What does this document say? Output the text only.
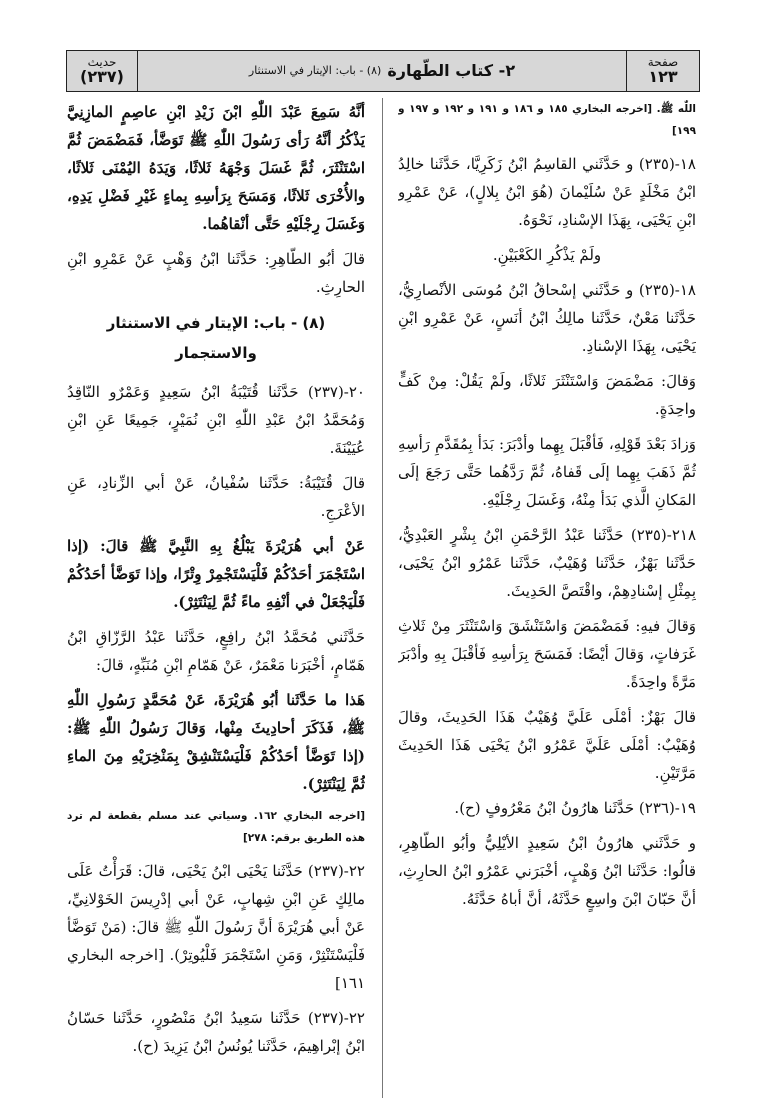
صفحة
١٢٣
٢- كتاب الطّهارة
(٨) - باب: الإيتار في الاستنثار
حديث
(٢٣٧)
اللّٰه ﷺ. [اخرجه البخاري ١٨٥ و ١٨٦ و ١٩١ و ١٩٢ و ١٩٧ و ١٩٩]
١٨-(٢٣٥) و حَدَّثَني القاسِمُ ابْنُ زَكَرِيَّا، حَدَّثَنا خالِدُ ابْنُ مَخْلَدٍ عَنْ سُلَيْمانَ (هُوَ ابْنُ بِلالٍ)، عَنْ عَمْرِو ابْنِ يَحْيَى، بِهَذَا الإسْنادِ، نَحْوَهُ.
ولَمْ يَذْكُرِ الكَعْبَيْنِ.
١٨-(٢٣٥) و حَدَّثَني إسْحاقُ ابْنُ مُوسَى الأنْصارِيُّ، حَدَّثَنا مَعْنٌ، حَدَّثَنا مالِكُ ابْنُ أنَسٍ، عَنْ عَمْرِو ابْنِ يَحْيَى، بِهَذَا الإسْنادِ.
وَقالَ: مَضْمَضَ وَاسْتَنْثَرَ ثَلاثًا، ولَمْ يَقُلْ: مِنْ كَفٍّ واحِدَةٍ.
وَزادَ بَعْدَ قَوْلِهِ، فَأقْبَلَ بِهِما وأدْبَرَ: بَدَأ بِمُقَدَّمِ رَأسِهِ ثُمَّ ذَهَبَ بِهِما إلَى قَفاهُ، ثُمَّ رَدَّهُما حَتَّى رَجَعَ إلَى المَكانِ الَّذي بَدَأ مِنْهُ، وَغَسَلَ رِجْلَيْهِ.
٢١٨-(٢٣٥) حَدَّثَنا عَبْدُ الرَّحْمَنِ ابْنُ بِشْرٍ العَبْدِيُّ، حَدَّثَنا بَهْزٌ، حَدَّثَنا وُهَيْبٌ، حَدَّثَنا عَمْرُو ابْنُ يَحْيَى، بِمِثْلِ إسْنادِهِمْ، واقْتَصَّ الحَدِيثَ.
وَقالَ فيهِ: فَمَضْمَضَ وَاسْتَنْشَقَ وَاسْتَنْثَرَ مِنْ ثَلاثِ غَرَفاتٍ، وَقالَ أيْضًا: فَمَسَحَ بِرَأسِهِ فَأقْبَلَ بِهِ وأدْبَرَ مَرَّةً واحِدَةً.
قالَ بَهْزٌ: أمْلَى عَلَيَّ وُهَيْبٌ هَذَا الحَدِيثَ، وقالَ وُهَيْبٌ: أمْلَى عَلَيَّ عَمْرُو ابْنُ يَحْيَى هَذَا الحَدِيثَ مَرَّتَيْنِ.
١٩-(٢٣٦) حَدَّثَنا هارُونُ ابْنُ مَعْرُوفٍ (ح).
و حَدَّثَني هارُونُ ابْنُ سَعِيدٍ الأيْلِيُّ وأبُو الطّاهِرِ، قالُوا: حَدَّثَنا ابْنُ وَهْبٍ، أخْبَرَني عَمْرُو ابْنُ الحارِثِ، أنَّ حَبّانَ ابْنَ واسِعٍ حَدَّثَهُ، أنَّ أباهُ حَدَّثَهُ.
أنَّهُ سَمِعَ عَبْدَ اللّٰهِ ابْنَ زَيْدِ ابْنِ عاصِمٍ المازِنِيَّ يَذْكُرُ أنَّهُ رَأى رَسُولَ اللّٰهِ ﷺ تَوَضَّأ، فَمَضْمَضَ ثُمَّ اسْتَنْثَرَ، ثُمَّ غَسَلَ وَجْهَهُ ثَلاثًا، وَيَدَهُ اليُمْنَى ثَلاثًا، والأُخْرَى ثَلاثًا، وَمَسَحَ بِرَأسِهِ بِماءٍ غَيْرِ فَضْلِ يَدِهِ، وَغَسَلَ رِجْلَيْهِ حَتَّى أنْقاهُما.
قالَ أبُو الطّاهِرِ: حَدَّثَنا ابْنُ وَهْبٍ عَنْ عَمْرِو ابْنِ الحارِثِ.
(٨) - باب: الإيتار في الاستنثار والاستجمار
٢٠-(٢٣٧) حَدَّثَنا قُتَيْبَةُ ابْنُ سَعِيدٍ وَعَمْرٌو النّاقِدُ وَمُحَمَّدُ ابْنُ عَبْدِ اللّٰهِ ابْنِ نُمَيْرٍ، جَمِيعًا عَنِ ابْنِ عُيَيْنَةَ.
قالَ قُتَيْبَةُ: حَدَّثَنا سُفْيانُ، عَنْ أبي الزِّنادِ، عَنِ الأعْرَجِ.
عَنْ أبي هُرَيْرَةَ يَبْلُغُ بِهِ النَّبِيَّ ﷺ قالَ: (إذا اسْتَجْمَرَ أحَدُكُمْ فَلْيَسْتَجْمِرْ وِتْرًا، وإذا تَوَضَّأ أحَدُكُمْ فَلْيَجْعَلْ في أنْفِهِ ماءً ثُمَّ لِيَنْتَثِرْ).
حَدَّثَني مُحَمَّدُ ابْنُ رافِعٍ، حَدَّثَنا عَبْدُ الرَّزّاقِ ابْنُ هَمّامٍ، أخْبَرَنا مَعْمَرٌ، عَنْ هَمّامِ ابْنِ مُنَبِّهٍ، قالَ:
هَذا ما حَدَّثَنا أبُو هُرَيْرَةَ، عَنْ مُحَمَّدٍ رَسُولِ اللّٰهِ ﷺ، فَذَكَرَ أحادِيثَ مِنْها، وَقالَ رَسُولُ اللّٰهِ ﷺ: (إذا تَوَضَّأ أحَدُكُمْ فَلْيَسْتَنْشِقْ بِمَنْخِرَيْهِ مِنَ الماءِ ثُمَّ لِيَنْتَثِرْ).
[اخرجه البخاري ١٦٢. وسياتي عند مسلم بقطعة لم ترد هذه الطريق برقم: ٢٧٨]
٢٢-(٢٣٧) حَدَّثَنا يَحْيَى ابْنُ يَحْيَى، قالَ: قَرَأْتُ عَلَى مالِكٍ عَنِ ابْنِ شِهابٍ، عَنْ أبي إدْرِيسَ الخَوْلانِيِّ، عَنْ أبي هُرَيْرَةَ أنَّ رَسُولَ اللّٰهِ ﷺ قالَ: (مَنْ تَوَضَّأ فَلْيَسْتَنْثِرْ، وَمَنِ اسْتَجْمَرَ فَلْيُوتِرْ). [اخرجه البخاري ١٦١]
٢٢-(٢٣٧) حَدَّثَنا سَعِيدُ ابْنُ مَنْصُورٍ، حَدَّثَنا حَسّانُ ابْنُ إبْراهِيمَ، حَدَّثَنا يُونُسُ ابْنُ يَزِيدَ (ح).
